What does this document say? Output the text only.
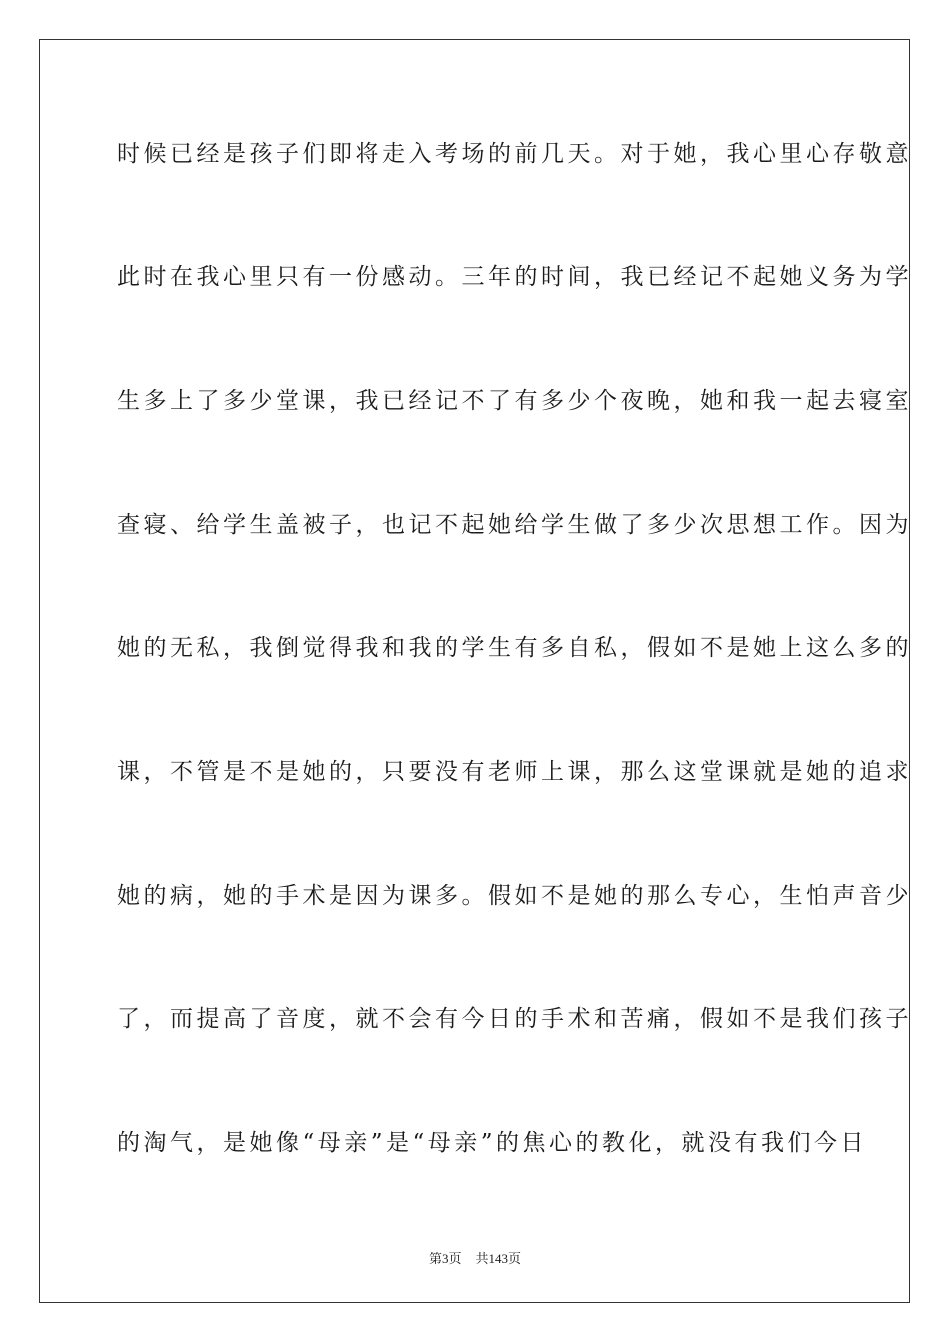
时候已经是孩子们即将走入考场的前几天。对于她，我心里心存敬意
此时在我心里只有一份感动。三年的时间，我已经记不起她义务为学
生多上了多少堂课，我已经记不了有多少个夜晚，她和我一起去寝室
查寝、给学生盖被子，也记不起她给学生做了多少次思想工作。因为
她的无私，我倒觉得我和我的学生有多自私，假如不是她上这么多的
课，不管是不是她的，只要没有老师上课，那么这堂课就是她的追求
她的病，她的手术是因为课多。假如不是她的那么专心，生怕声音少
了，而提高了音度，就不会有今日的手术和苦痛，假如不是我们孩子
的淘气，是她像“母亲”是“母亲”的焦心的教化，就没有我们今日
第3页 共143页
